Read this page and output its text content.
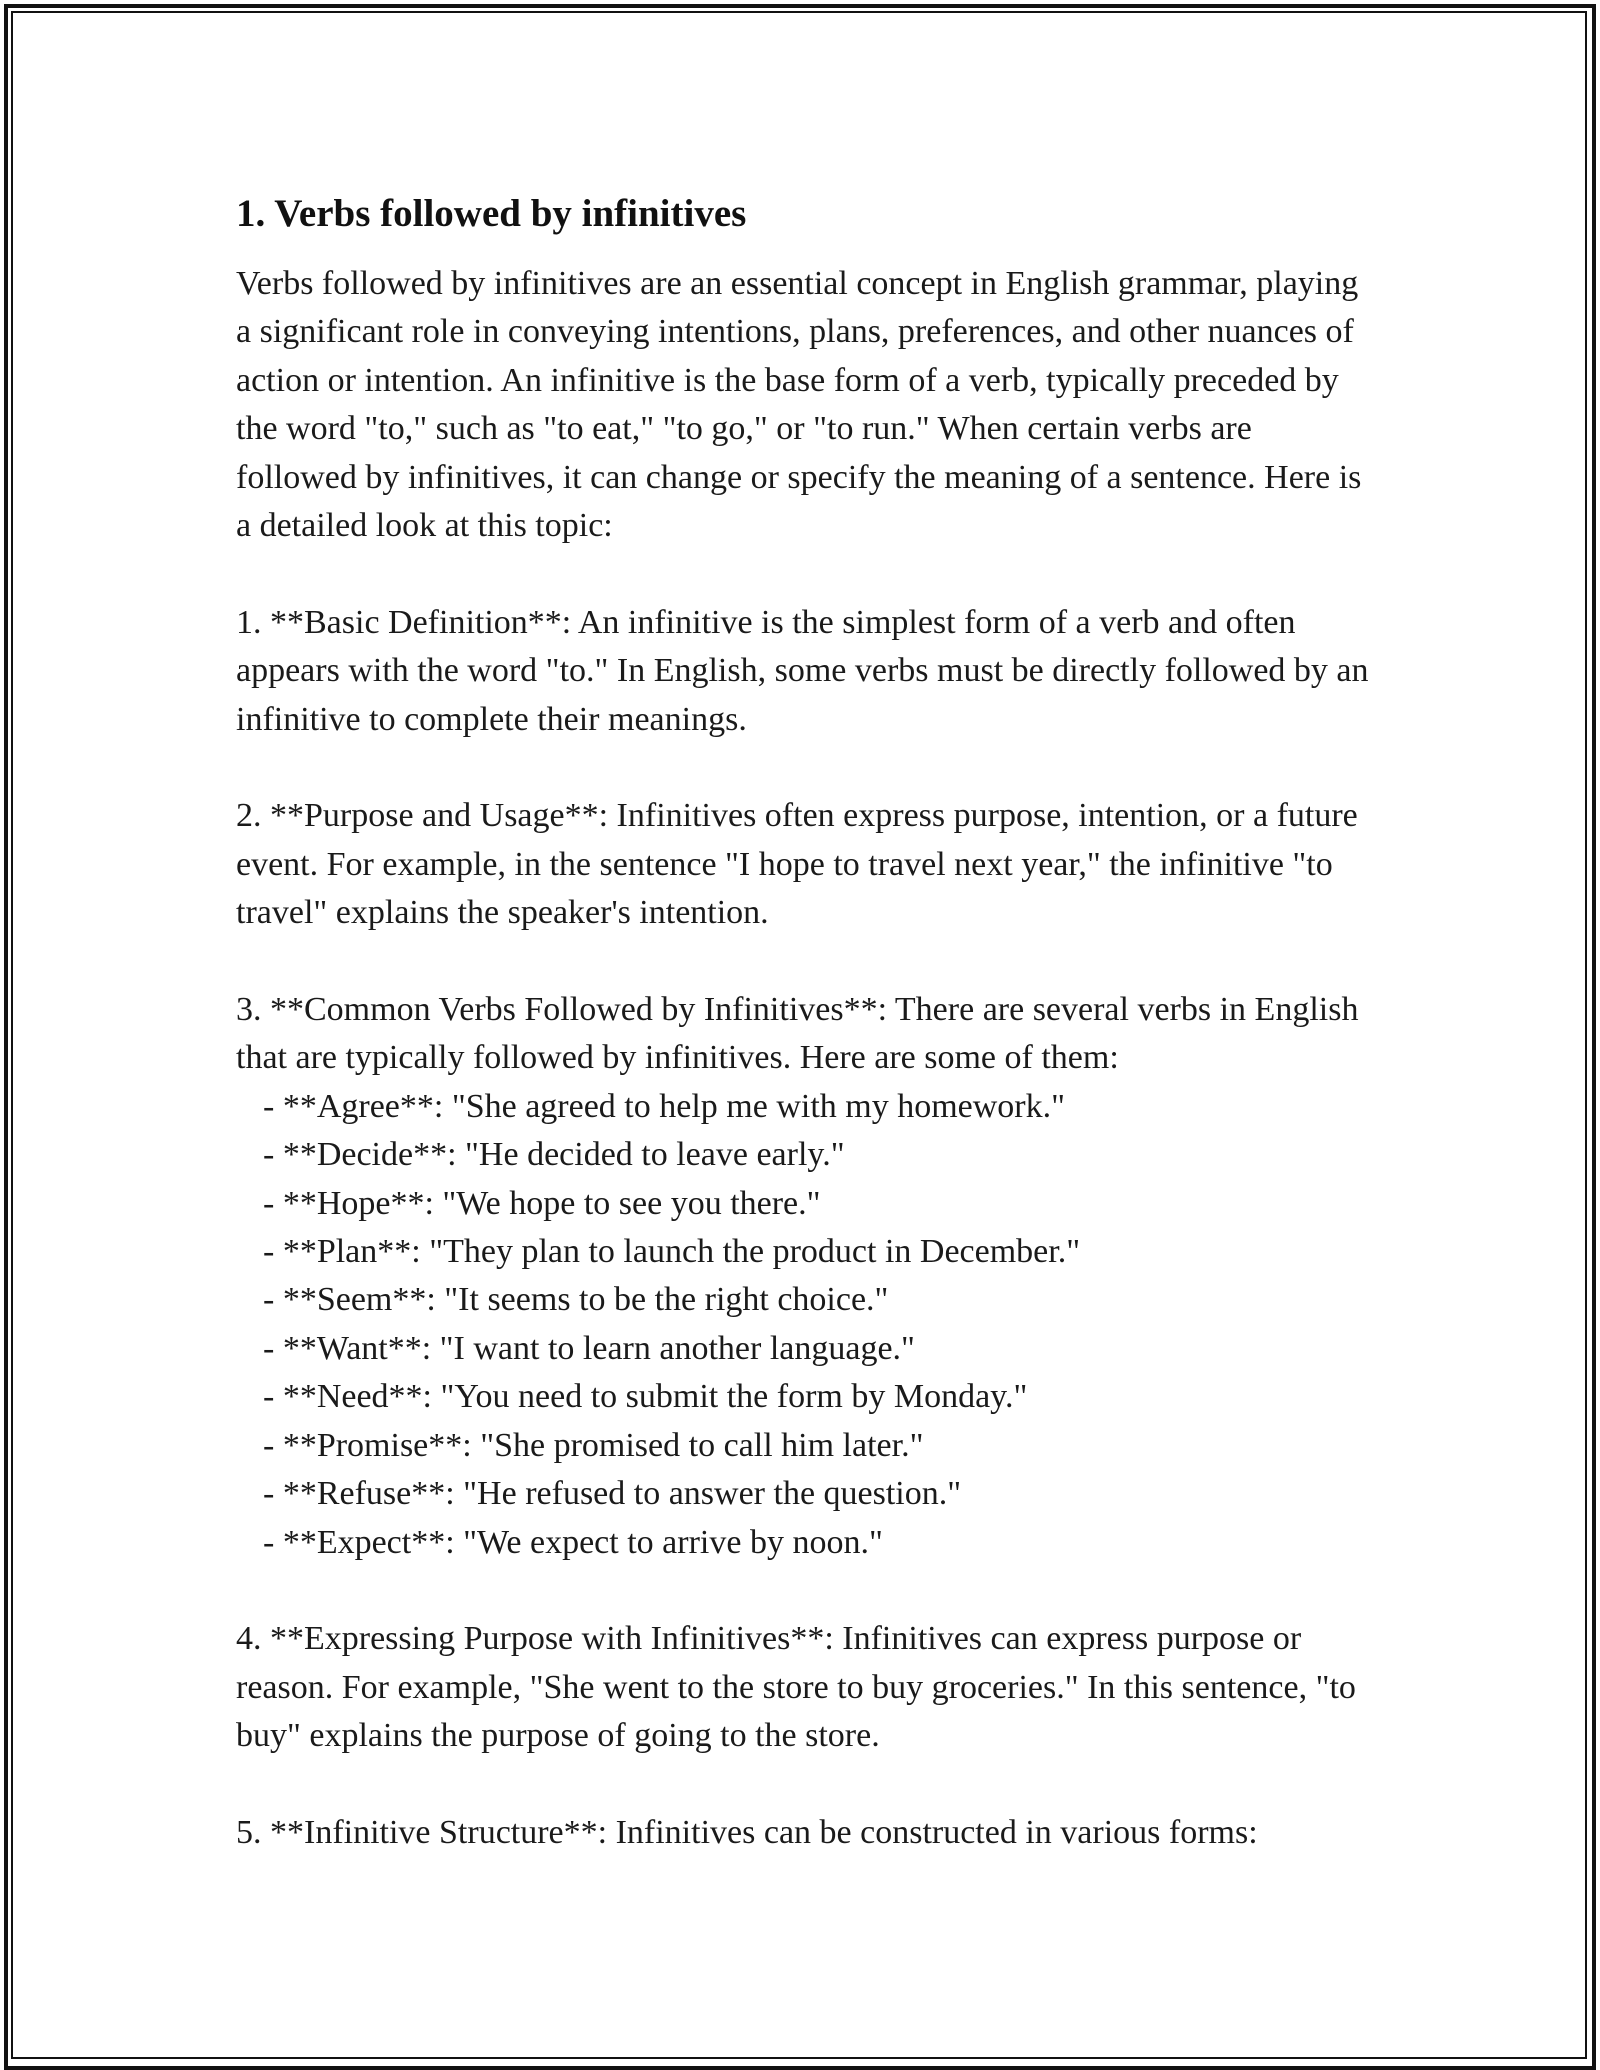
1. Verbs followed by infinitives

Verbs followed by infinitives are an essential concept in English grammar, playing a significant role in conveying intentions, plans, preferences, and other nuances of action or intention. An infinitive is the base form of a verb, typically preceded by the word "to," such as "to eat," "to go," or "to run." When certain verbs are followed by infinitives, it can change or specify the meaning of a sentence. Here is a detailed look at this topic:

1. **Basic Definition**: An infinitive is the simplest form of a verb and often appears with the word "to." In English, some verbs must be directly followed by an infinitive to complete their meanings.

2. **Purpose and Usage**: Infinitives often express purpose, intention, or a future event. For example, in the sentence "I hope to travel next year," the infinitive "to travel" explains the speaker's intention.

3. **Common Verbs Followed by Infinitives**: There are several verbs in English that are typically followed by infinitives. Here are some of them:
- **Agree**: "She agreed to help me with my homework."
- **Decide**: "He decided to leave early."
- **Hope**: "We hope to see you there."
- **Plan**: "They plan to launch the product in December."
- **Seem**: "It seems to be the right choice."
- **Want**: "I want to learn another language."
- **Need**: "You need to submit the form by Monday."
- **Promise**: "She promised to call him later."
- **Refuse**: "He refused to answer the question."
- **Expect**: "We expect to arrive by noon."

4. **Expressing Purpose with Infinitives**: Infinitives can express purpose or reason. For example, "She went to the store to buy groceries." In this sentence, "to buy" explains the purpose of going to the store.

5. **Infinitive Structure**: Infinitives can be constructed in various forms:
